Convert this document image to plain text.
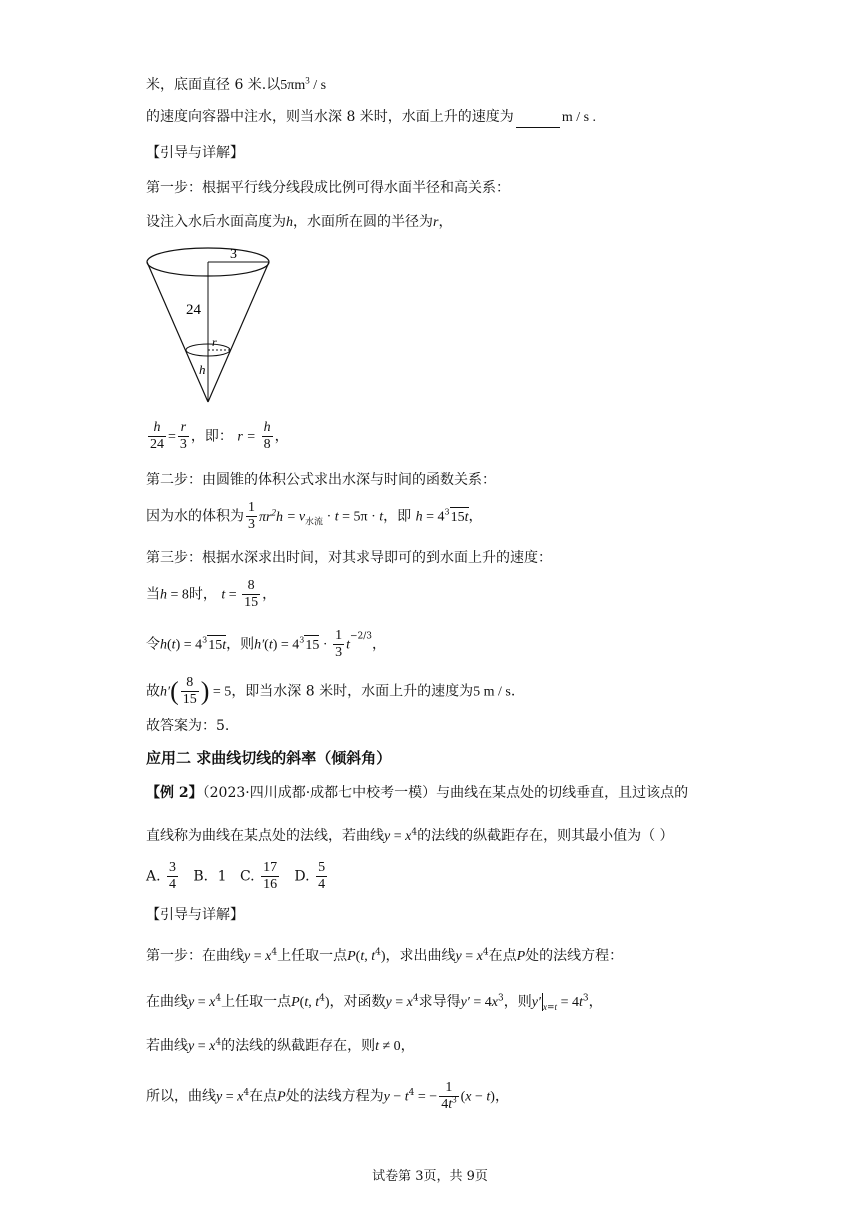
米，底面直径 6 米.以$5\pi m^3$ / s
的速度向容器中注水，则当水深 8 米时，水面上升的速度为	m / s .
【引导与详解】
第一步：根据平行线分线段成比例可得水面半径和高关系：
设注入水后水面高度为h，水面所在圆的半径为r，
3
24
r
h
$\frac{h}{24} = \frac{r}{3}$ ，即： $r = \frac{h}{8}$ ，
第二步：由圆锥的体积公式求出水深与时间的函数关系：
因为水的体积为 $\frac{1}{3} \pi r^2h = v_{水流} \cdot t = 5\pi \cdot t$，即 $h = 4^315t$，
第三步：根据水深求出时间，对其求导即可的到水面上升的速度：
当h = 8时， $t = \frac{8}{15}$ ，
令$h(t) = 4^315t$，则$h'(t) = 4^315 \cdot \frac{1}{3} t^{-2/3}$，
故$h'( \frac{8}{15}$ ) = 5，即当水深 8 米时，水面上升的速度为5 m / s.
故答案为：5.
应用二 求曲线切线的斜率（倾斜角）
【例 2】（2023·四川成都·成都七中校考一模）与曲线在某点处的切线垂直，且过该点的
直线称为曲线在某点处的法线，若曲线$y = x^4$的法线的纵截距存在，则其最小值为（ ）
A. $\frac{3}{4}$ B．1 C. $\frac{17}{16} D$. $\frac{5}{4}$
【引导与详解】
第一步：在曲线$y = x^4$上任取一点P(t, $t^4$)，求出曲线$y = x^4$在点P处的法线方程：
在曲线$y = x^4$上任取一点P(t, $t^4$)，对函数$y = x^4$求导得$y' = 4x^3$，则y′ $_{x=t} = 4t^3$，
若曲线$y = x^4$的法线的纵截距存在，则t ≠ 0，
所以，曲线$y = x^4$在点P处的法线方程为$y - t^4$ = − $\frac{1}{4t^3} (x - t)$，
试卷第 3页，共 9页
